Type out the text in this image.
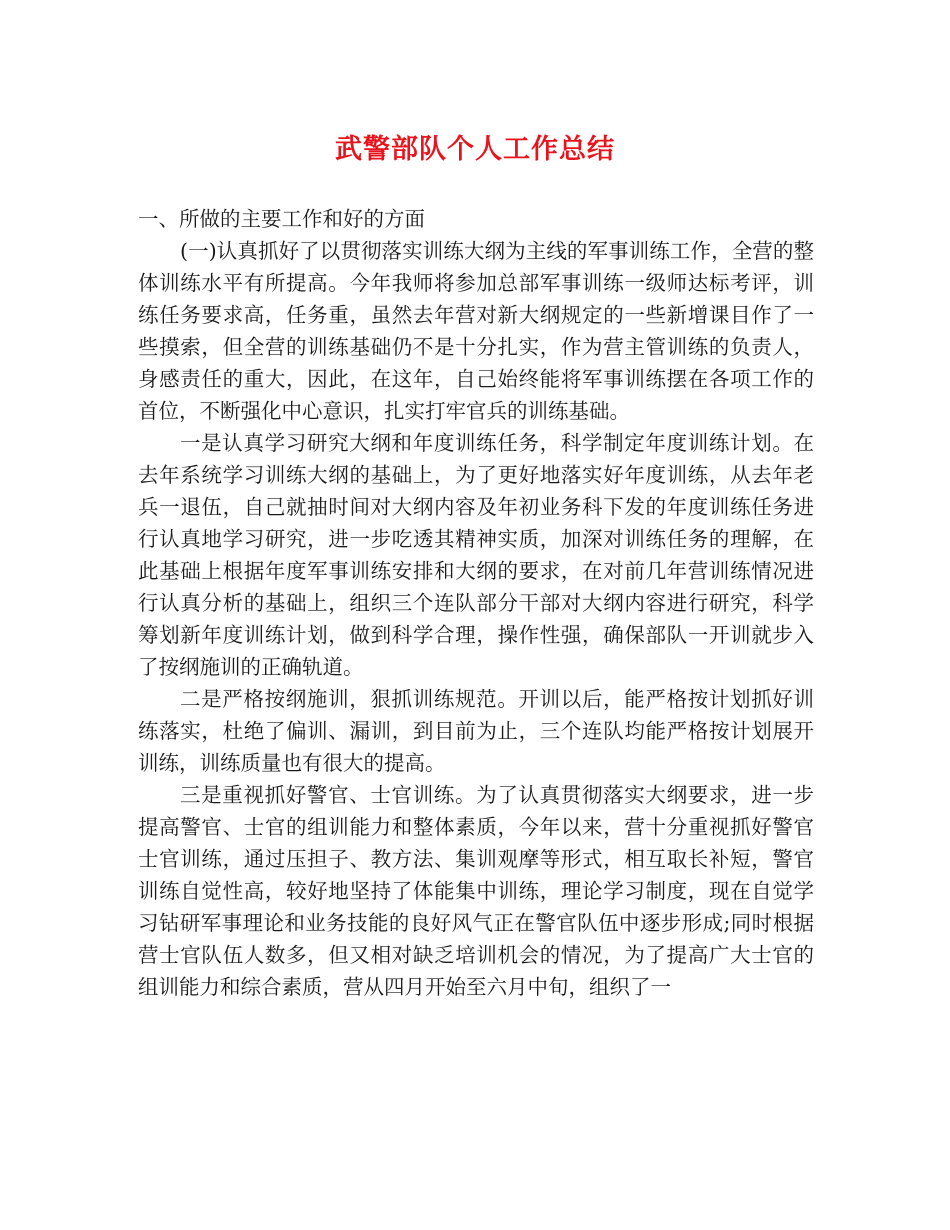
武警部队个人工作总结

一、所做的主要工作和好的方面

(一)认真抓好了以贯彻落实训练大纲为主线的军事训练工作，全营的整体训练水平有所提高。今年我师将参加总部军事训练一级师达标考评，训练任务要求高，任务重，虽然去年营对新大纲规定的一些新增课目作了一些摸索，但全营的训练基础仍不是十分扎实，作为营主管训练的负责人，身感责任的重大，因此，在这年，自己始终能将军事训练摆在各项工作的首位，不断强化中心意识，扎实打牢官兵的训练基础。

一是认真学习研究大纲和年度训练任务，科学制定年度训练计划。在去年系统学习训练大纲的基础上，为了更好地落实好年度训练，从去年老兵一退伍，自己就抽时间对大纲内容及年初业务科下发的年度训练任务进行认真地学习研究，进一步吃透其精神实质，加深对训练任务的理解，在此基础上根据年度军事训练安排和大纲的要求，在对前几年营训练情况进行认真分析的基础上，组织三个连队部分干部对大纲内容进行研究，科学筹划新年度训练计划，做到科学合理，操作性强，确保部队一开训就步入了按纲施训的正确轨道。

二是严格按纲施训，狠抓训练规范。开训以后，能严格按计划抓好训练落实，杜绝了偏训、漏训，到目前为止，三个连队均能严格按计划展开训练，训练质量也有很大的提高。

三是重视抓好警官、士官训练。为了认真贯彻落实大纲要求，进一步提高警官、士官的组训能力和整体素质，今年以来，营十分重视抓好警官士官训练，通过压担子、教方法、集训观摩等形式，相互取长补短，警官训练自觉性高，较好地坚持了体能集中训练，理论学习制度，现在自觉学习钻研军事理论和业务技能的良好风气正在警官队伍中逐步形成;同时根据营士官队伍人数多，但又相对缺乏培训机会的情况，为了提高广大士官的组训能力和综合素质，营从四月开始至六月中旬，组织了一
